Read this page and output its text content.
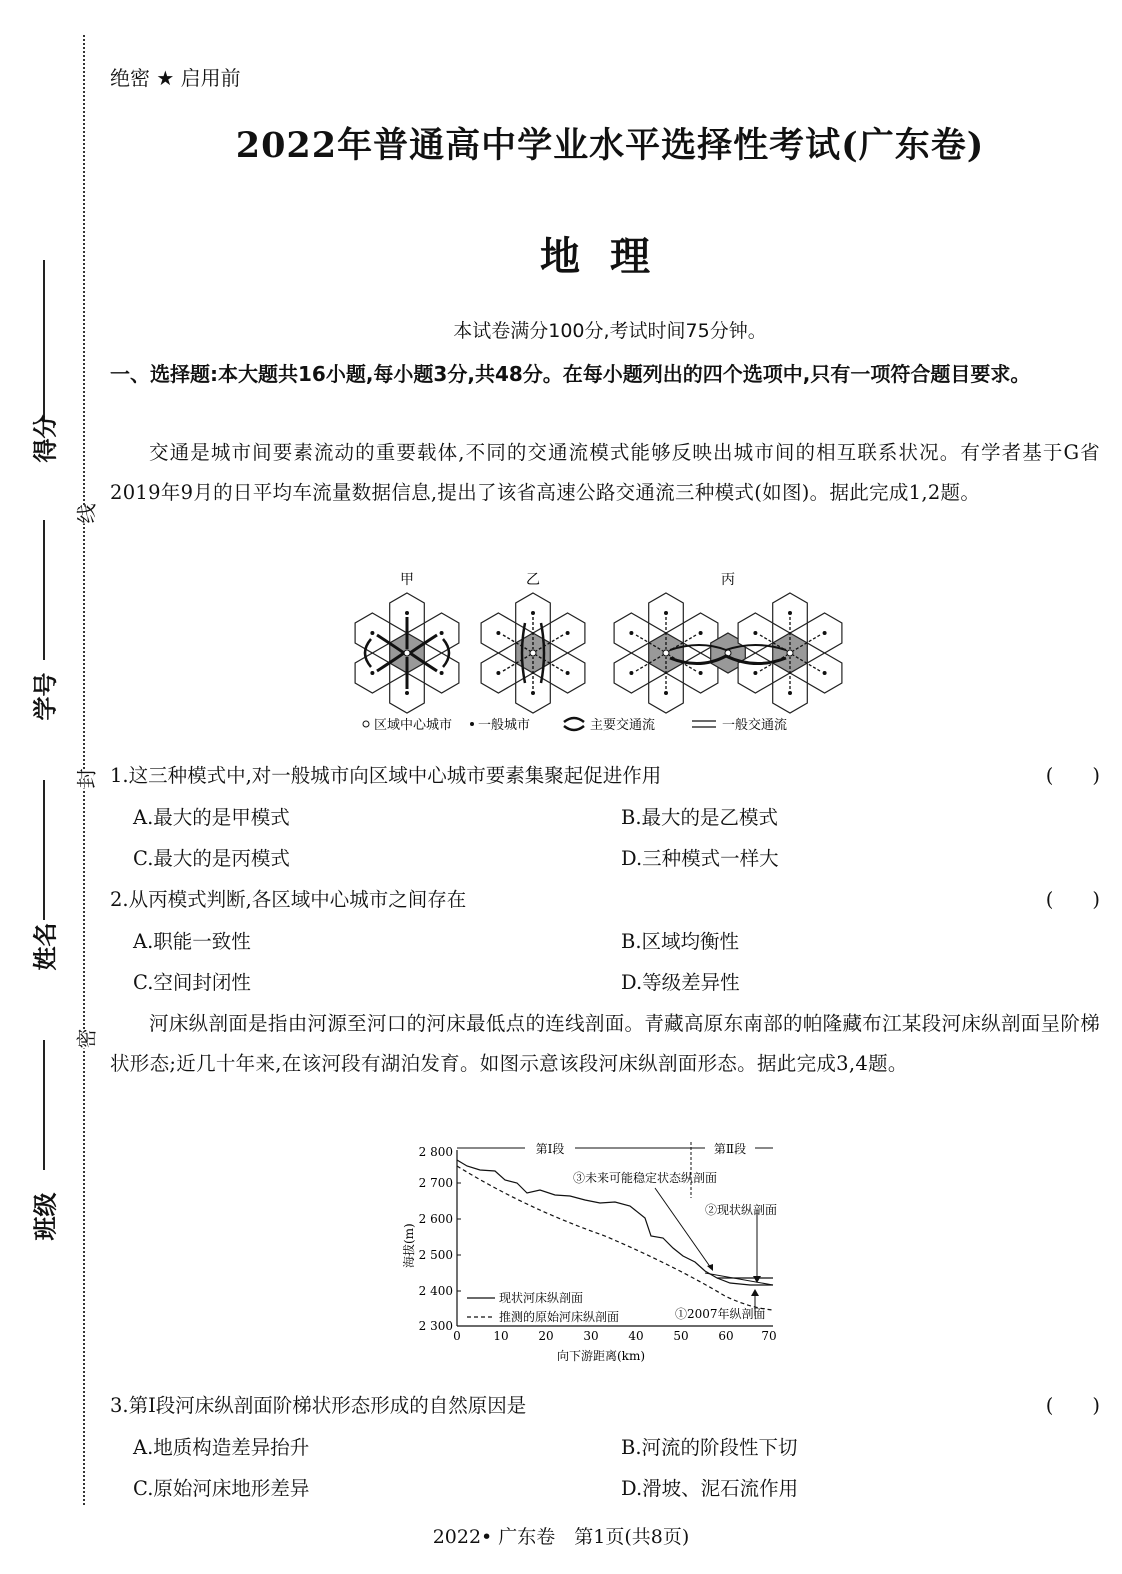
得分
学号
姓名
班级
线
封
密
绝密 ★ 启用前
2022年普通高中学业水平选择性考试(广东卷)
地理
本试卷满分100分,考试时间75分钟。
一、选择题:本大题共16小题,每小题3分,共48分。在每小题列出的四个选项中,只有一项符合题目要求。
交通是城市间要素流动的重要载体,不同的交通流模式能够反映出城市间的相互联系状况。有学者基于G省2019年9月的日平均车流量数据信息,提出了该省高速公路交通流三种模式(如图)。据此完成1,2题。
甲	乙	丙
区域中心城市 一般城市	主要交通流	一般交通流
1.这三种模式中,对一般城市向区域中心城市要素集聚起促进作用	(　　)
A.最大的是甲模式	B.最大的是乙模式
C.最大的是丙模式	D.三种模式一样大
2.从丙模式判断,各区域中心城市之间存在	(　　)
A.职能一致性	B.区域均衡性
C.空间封闭性	D.等级差异性
河床纵剖面是指由河源至河口的河床最低点的连线剖面。青藏高原东南部的帕隆藏布江某段河床纵剖面呈阶梯状形态;近几十年来,在该河段有湖泊发育。如图示意该段河床纵剖面形态。据此完成3,4题。
2 800
2 700
2 600
2 500
2 400
2 300
海拔(m)
0	10 20 30 40 50 60 70
向下游距离(km)
第Ⅰ段	第Ⅱ段
③未来可能稳定状态纵剖面
②现状纵剖面
①2007年纵剖面
现状河床纵剖面
推测的原始河床纵剖面
3.第Ⅰ段河床纵剖面阶梯状形态形成的自然原因是	(　　)
A.地质构造差异抬升	B.河流的阶段性下切
C.原始河床地形差异	D.滑坡、泥石流作用
2022• 广东卷　第1页(共8页)
